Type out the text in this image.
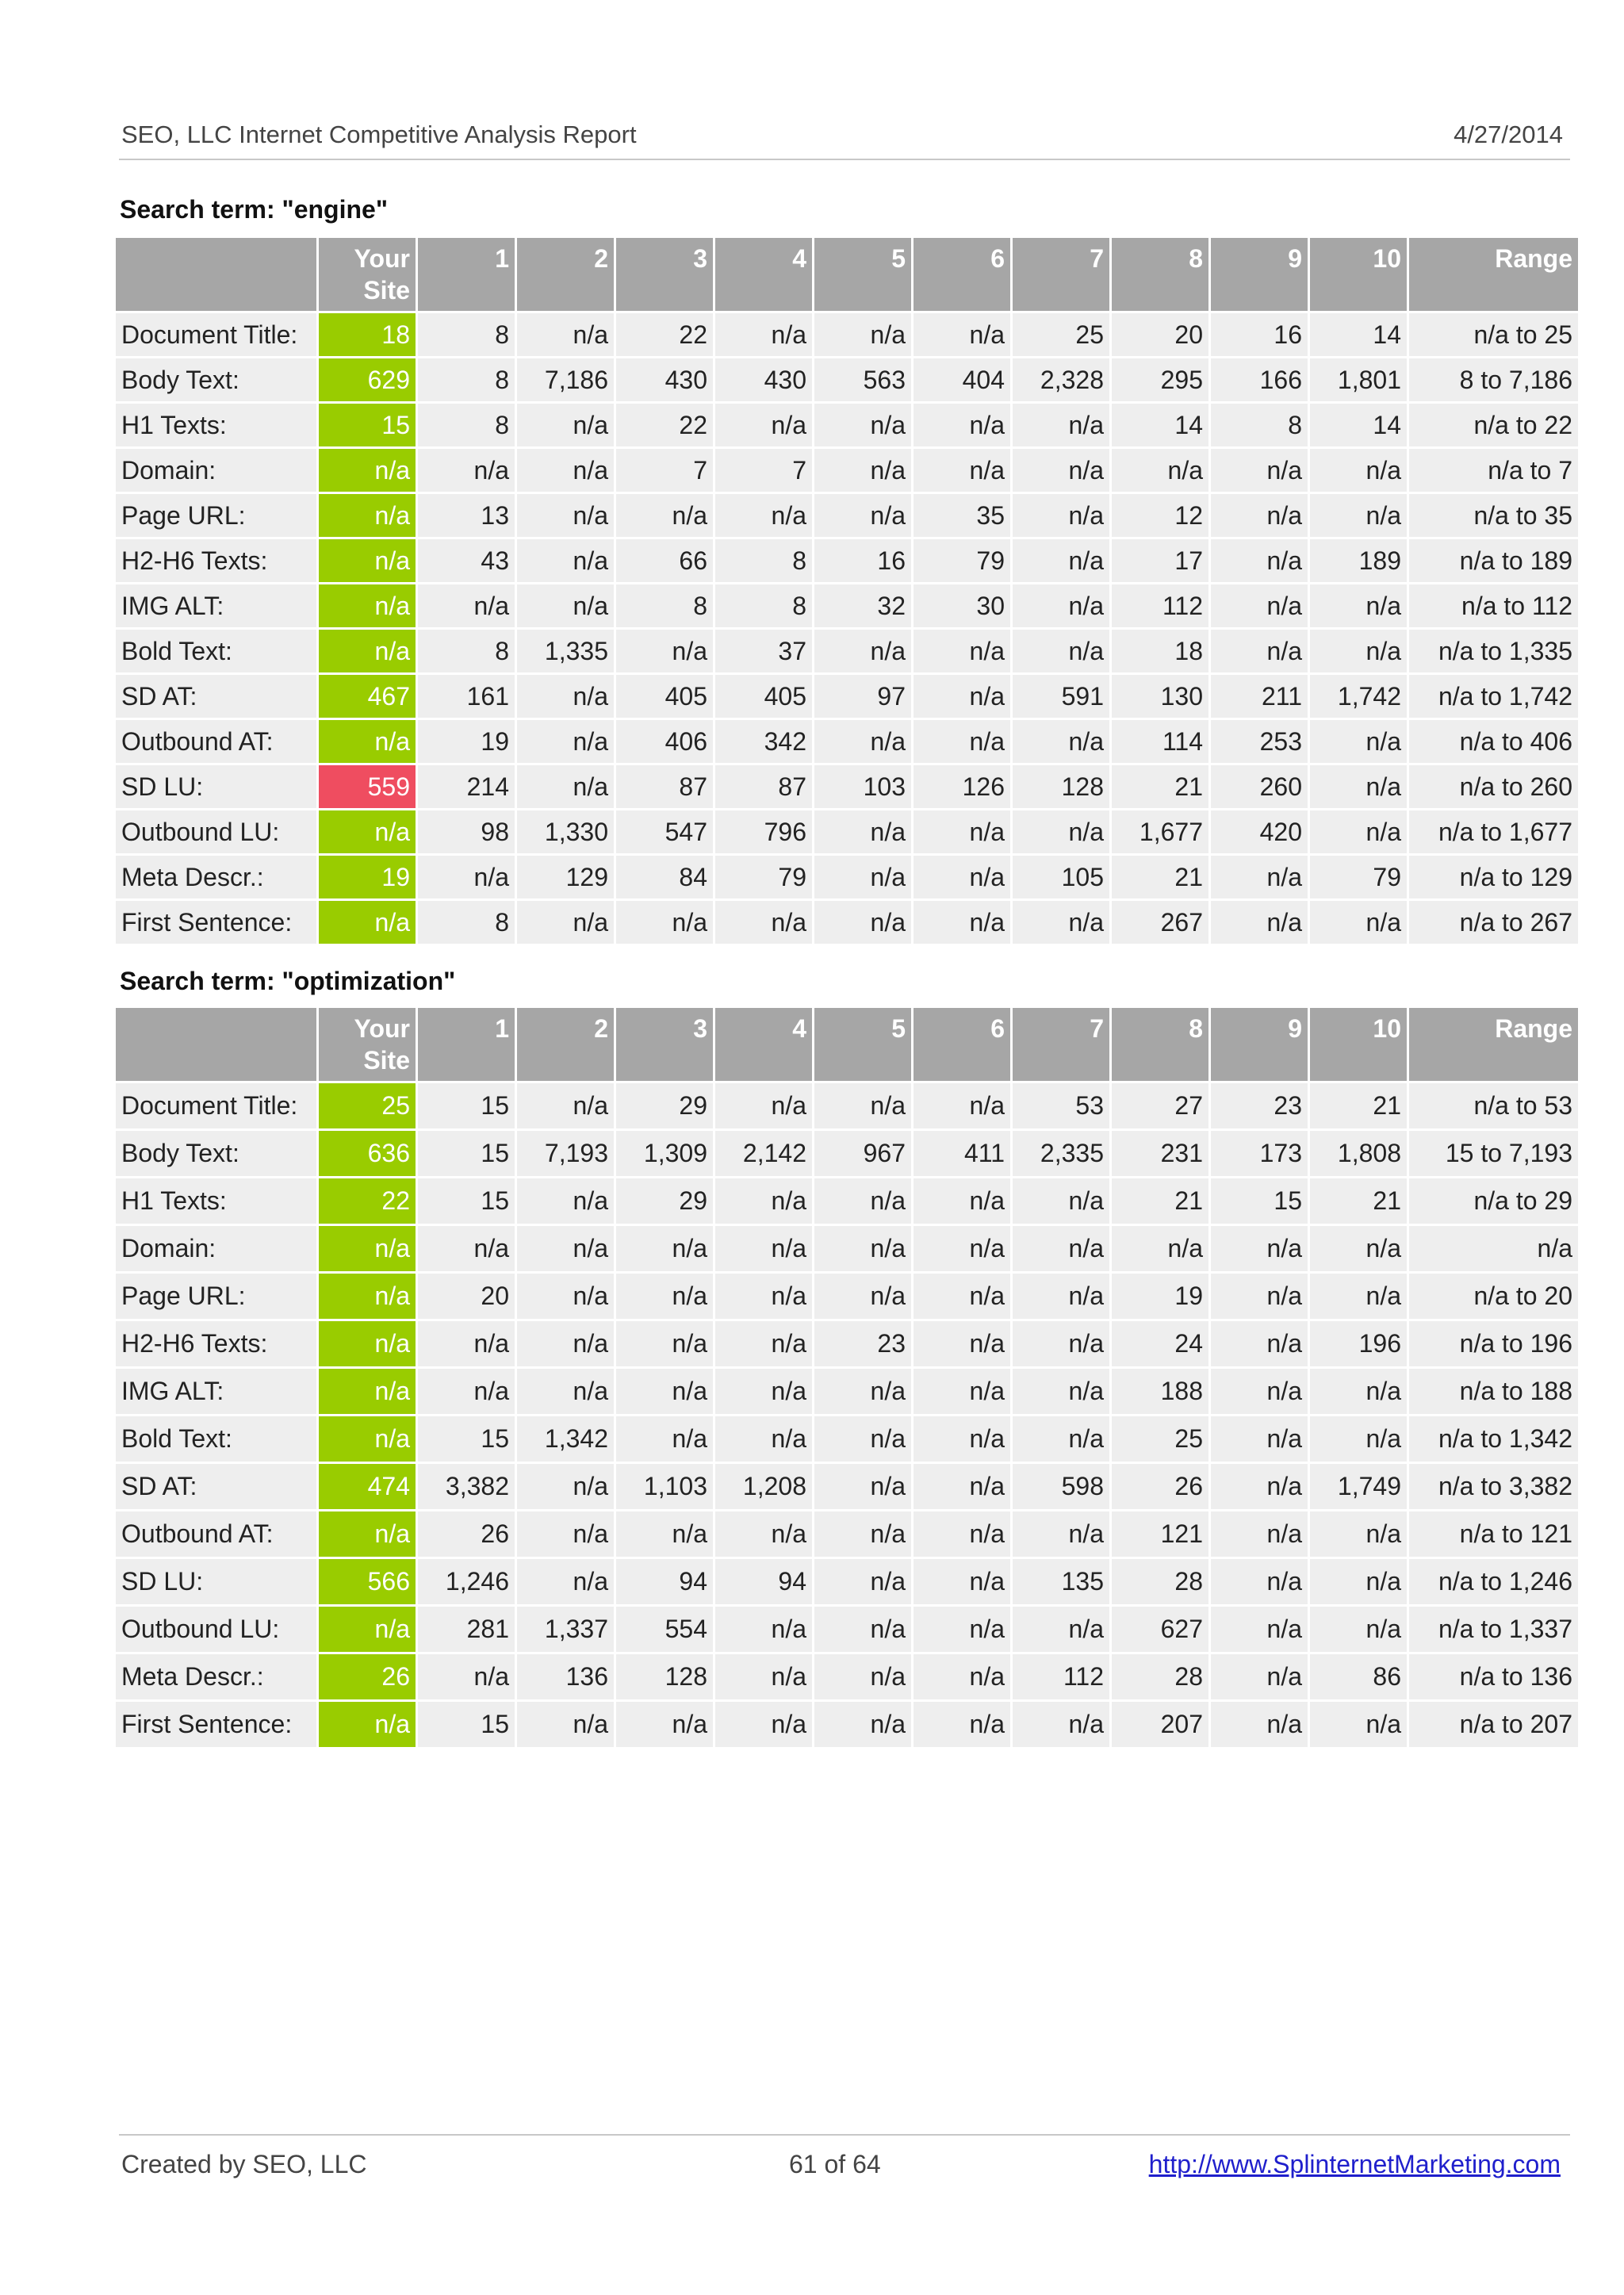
SEO, LLC Internet Competitive Analysis Report	4/27/2014
Search term: "engine"
	Your Site	1	2	3	4	5	6	7	8	9	10	Range
Document Title:	18	8	n/a	22	n/a	n/a	n/a	25	20	16	14	n/a to 25
Body Text:	629	8	7,186	430	430	563	404	2,328	295	166	1,801	8 to 7,186
H1 Texts:	15	8	n/a	22	n/a	n/a	n/a	n/a	14	8	14	n/a to 22
Domain:	n/a	n/a	n/a	7	7	n/a	n/a	n/a	n/a	n/a	n/a	n/a to 7
Page URL:	n/a	13	n/a	n/a	n/a	n/a	35	n/a	12	n/a	n/a	n/a to 35
H2-H6 Texts:	n/a	43	n/a	66	8	16	79	n/a	17	n/a	189	n/a to 189
IMG ALT:	n/a	n/a	n/a	8	8	32	30	n/a	112	n/a	n/a	n/a to 112
Bold Text:	n/a	8	1,335	n/a	37	n/a	n/a	n/a	18	n/a	n/a	n/a to 1,335
SD AT:	467	161	n/a	405	405	97	n/a	591	130	211	1,742	n/a to 1,742
Outbound AT:	n/a	19	n/a	406	342	n/a	n/a	n/a	114	253	n/a	n/a to 406
SD LU:	559	214	n/a	87	87	103	126	128	21	260	n/a	n/a to 260
Outbound LU:	n/a	98	1,330	547	796	n/a	n/a	n/a	1,677	420	n/a	n/a to 1,677
Meta Descr.:	19	n/a	129	84	79	n/a	n/a	105	21	n/a	79	n/a to 129
First Sentence:	n/a	8	n/a	n/a	n/a	n/a	n/a	n/a	267	n/a	n/a	n/a to 267
Search term: "optimization"
	Your Site	1	2	3	4	5	6	7	8	9	10	Range
Document Title:	25	15	n/a	29	n/a	n/a	n/a	53	27	23	21	n/a to 53
Body Text:	636	15	7,193	1,309	2,142	967	411	2,335	231	173	1,808	15 to 7,193
H1 Texts:	22	15	n/a	29	n/a	n/a	n/a	n/a	21	15	21	n/a to 29
Domain:	n/a	n/a	n/a	n/a	n/a	n/a	n/a	n/a	n/a	n/a	n/a	n/a
Page URL:	n/a	20	n/a	n/a	n/a	n/a	n/a	n/a	19	n/a	n/a	n/a to 20
H2-H6 Texts:	n/a	n/a	n/a	n/a	n/a	23	n/a	n/a	24	n/a	196	n/a to 196
IMG ALT:	n/a	n/a	n/a	n/a	n/a	n/a	n/a	n/a	188	n/a	n/a	n/a to 188
Bold Text:	n/a	15	1,342	n/a	n/a	n/a	n/a	n/a	25	n/a	n/a	n/a to 1,342
SD AT:	474	3,382	n/a	1,103	1,208	n/a	n/a	598	26	n/a	1,749	n/a to 3,382
Outbound AT:	n/a	26	n/a	n/a	n/a	n/a	n/a	n/a	121	n/a	n/a	n/a to 121
SD LU:	566	1,246	n/a	94	94	n/a	n/a	135	28	n/a	n/a	n/a to 1,246
Outbound LU:	n/a	281	1,337	554	n/a	n/a	n/a	n/a	627	n/a	n/a	n/a to 1,337
Meta Descr.:	26	n/a	136	128	n/a	n/a	n/a	112	28	n/a	86	n/a to 136
First Sentence:	n/a	15	n/a	n/a	n/a	n/a	n/a	n/a	207	n/a	n/a	n/a to 207
Created by SEO, LLC	61 of 64	http://www.SplinternetMarketing.com
